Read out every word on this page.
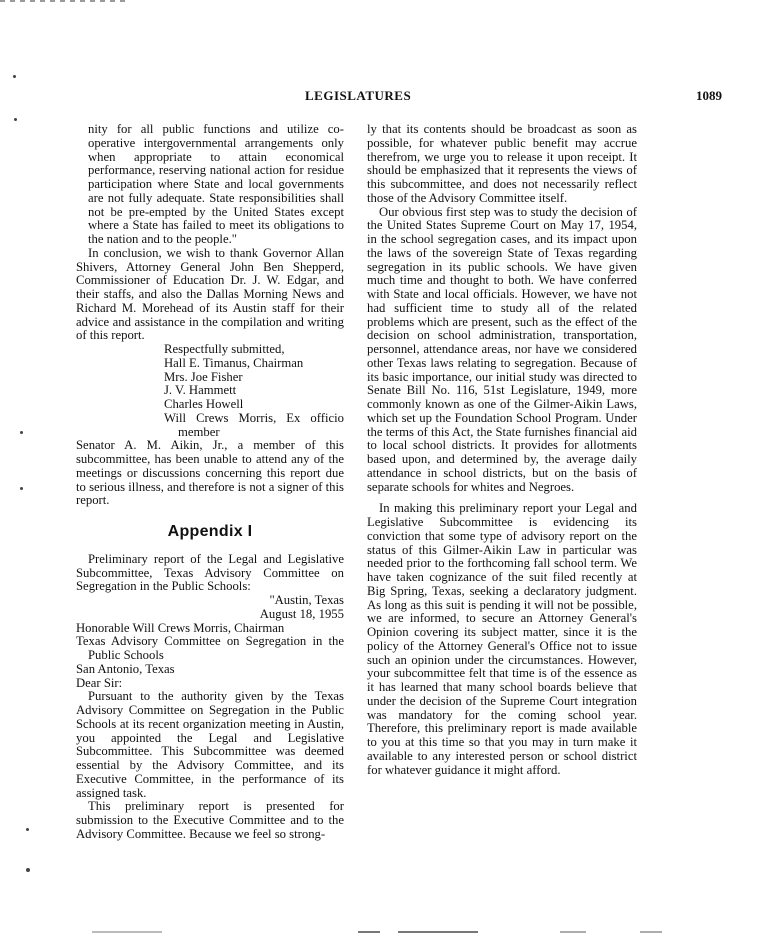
LEGISLATURES	1089

nity for all public functions and utilize co-operative intergovernmental arrangements only when appropriate to attain economical performance, reserving national action for residue participation where State and local governments are not fully adequate. State responsibilities shall not be pre-empted by the United States except where a State has failed to meet its obligations to the nation and to the people."

In conclusion, we wish to thank Governor Allan Shivers, Attorney General John Ben Shepperd, Commissioner of Education Dr. J. W. Edgar, and their staffs, and also the Dallas Morning News and Richard M. Morehead of its Austin staff for their advice and assistance in the compilation and writing of this report.

Respectfully submitted,
Hall E. Timanus, Chairman
Mrs. Joe Fisher
J. V. Hammett
Charles Howell
Will Crews Morris, Ex officio
member

Senator A. M. Aikin, Jr., a member of this subcommittee, has been unable to attend any of the meetings or discussions concerning this report due to serious illness, and therefore is not a signer of this report.

Appendix I

Preliminary report of the Legal and Legislative Subcommittee, Texas Advisory Committee on Segregation in the Public Schools:

"Austin, Texas

August 18, 1955

Honorable Will Crews Morris, Chairman

Texas Advisory Committee on Segregation in the Public Schools

San Antonio, Texas

Dear Sir:

Pursuant to the authority given by the Texas Advisory Committee on Segregation in the Public Schools at its recent organization meeting in Austin, you appointed the Legal and Legislative Subcommittee. This Subcommittee was deemed essential by the Advisory Committee, and its Executive Committee, in the performance of its assigned task.

This preliminary report is presented for submission to the Executive Committee and to the Advisory Committee. Because we feel so strong-

ly that its contents should be broadcast as soon as possible, for whatever public benefit may accrue therefrom, we urge you to release it upon receipt. It should be emphasized that it represents the views of this subcommittee, and does not necessarily reflect those of the Advisory Committee itself.

Our obvious first step was to study the decision of the United States Supreme Court on May 17, 1954, in the school segregation cases, and its impact upon the laws of the sovereign State of Texas regarding segregation in its public schools. We have given much time and thought to both. We have conferred with State and local officials. However, we have not had sufficient time to study all of the related problems which are present, such as the effect of the decision on school administration, transportation, personnel, attendance areas, nor have we considered other Texas laws relating to segregation. Because of its basic importance, our initial study was directed to Senate Bill No. 116, 51st Legislature, 1949, more commonly known as one of the Gilmer-Aikin Laws, which set up the Foundation School Program. Under the terms of this Act, the State furnishes financial aid to local school districts. It provides for allotments based upon, and determined by, the average daily attendance in school districts, but on the basis of separate schools for whites and Negroes.

In making this preliminary report your Legal and Legislative Subcommittee is evidencing its conviction that some type of advisory report on the status of this Gilmer-Aikin Law in particular was needed prior to the forthcoming fall school term. We have taken cognizance of the suit filed recently at Big Spring, Texas, seeking a declaratory judgment. As long as this suit is pending it will not be possible, we are informed, to secure an Attorney General's Opinion covering its subject matter, since it is the policy of the Attorney General's Office not to issue such an opinion under the circumstances. However, your subcommittee felt that time is of the essence as it has learned that many school boards believe that under the decision of the Supreme Court integration was mandatory for the coming school year. Therefore, this preliminary report is made available to you at this time so that you may in turn make it available to any interested person or school district for whatever guidance it might afford.
